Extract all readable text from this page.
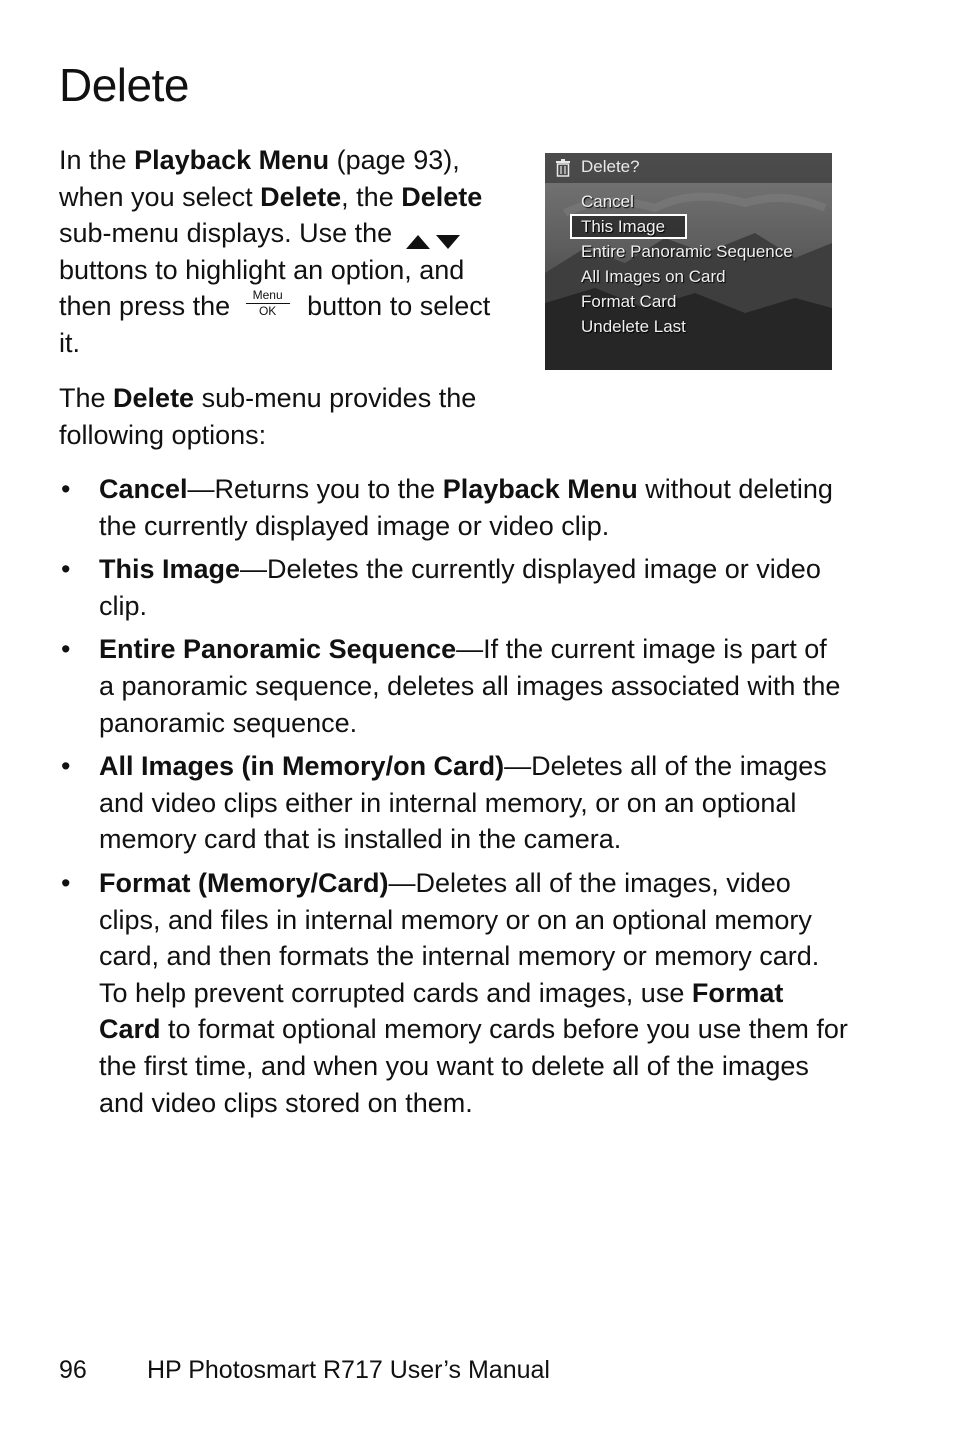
Delete

In the Playback Menu (page 93), when you select Delete, the Delete sub-menu displays. Use the  buttons to highlight an option, and then press the	Menu
OK button to select it.

The Delete sub-menu provides the following options:

Delete?
Cancel
This Image
Entire Panoramic Sequence
All Images on Card
Format Card
Undelete Last
• Cancel—Returns you to the Playback Menu without deleting the currently displayed image or video clip.
• This Image—Deletes the currently displayed image or video clip.
• Entire Panoramic Sequence—If the current image is part of a panoramic sequence, deletes all images associated with the panoramic sequence.
• All Images (in Memory/on Card)—Deletes all of the images and video clips either in internal memory, or on an optional memory card that is installed in the camera.
• Format (Memory/Card)—Deletes all of the images, video clips, and files in internal memory or on an optional memory card, and then formats the internal memory or memory card. To help prevent corrupted cards and images, use Format Card to format optional memory cards before you use them for the first time, and when you want to delete all of the images and video clips stored on them.
96 HP Photosmart R717 User’s Manual
